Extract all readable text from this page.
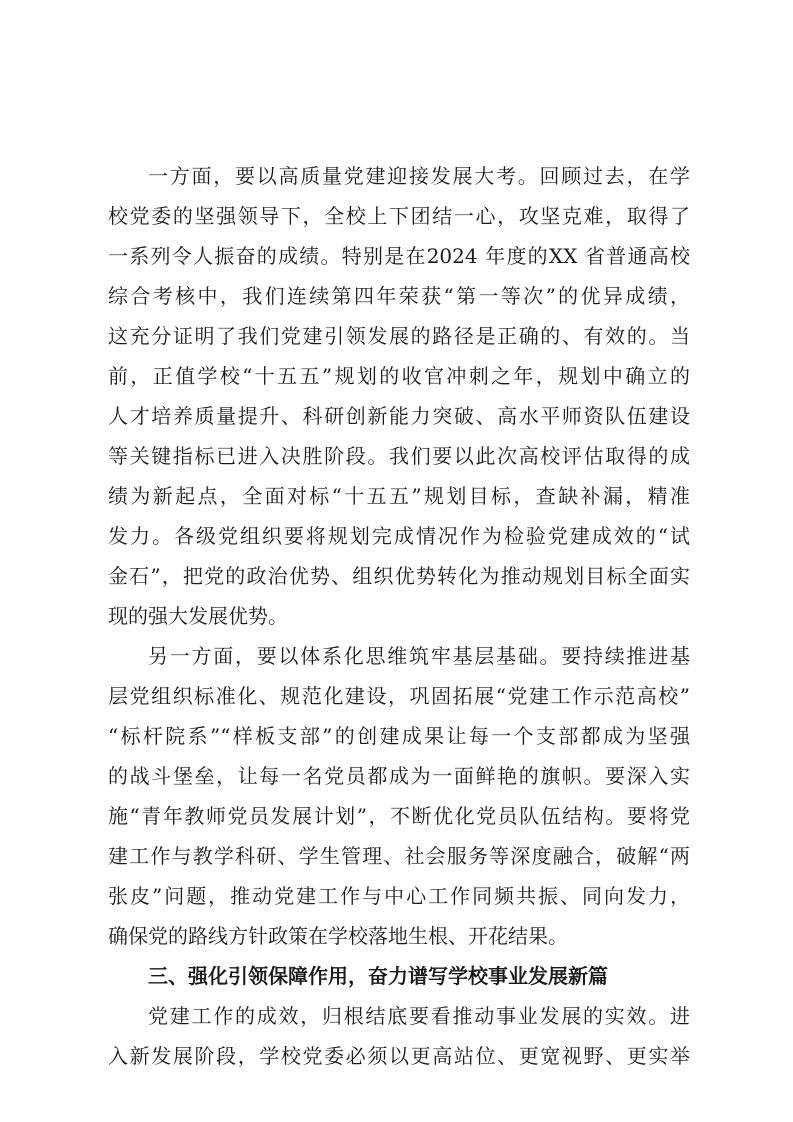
一方面，要以高质量党建迎接发展大考。回顾过去，在学

校党委的坚强领导下，全校上下团结一心，攻坚克难，取得了

一系列令人振奋的成绩。特别是在2024 年度的XX 省普通高校

综合考核中，我们连续第四年荣获“第一等次”的优异成绩，

这充分证明了我们党建引领发展的路径是正确的、有效的。当

前，正值学校“十五五”规划的收官冲刺之年，规划中确立的

人才培养质量提升、科研创新能力突破、高水平师资队伍建设

等关键指标已进入决胜阶段。我们要以此次高校评估取得的成

绩为新起点，全面对标“十五五”规划目标，查缺补漏，精准

发力。各级党组织要将规划完成情况作为检验党建成效的“试

金石”，把党的政治优势、组织优势转化为推动规划目标全面实

现的强大发展优势。

另一方面，要以体系化思维筑牢基层基础。要持续推进基

层党组织标准化、规范化建设，巩固拓展“党建工作示范高校”

“标杆院系”“样板支部”的创建成果让每一个支部都成为坚强

的战斗堡垒，让每一名党员都成为一面鲜艳的旗帜。要深入实

施“青年教师党员发展计划”，不断优化党员队伍结构。要将党

建工作与教学科研、学生管理、社会服务等深度融合，破解“两

张皮”问题，推动党建工作与中心工作同频共振、同向发力，

确保党的路线方针政策在学校落地生根、开花结果。

三、强化引领保障作用，奋力谱写学校事业发展新篇

党建工作的成效，归根结底要看推动事业发展的实效。进

入新发展阶段，学校党委必须以更高站位、更宽视野、更实举
